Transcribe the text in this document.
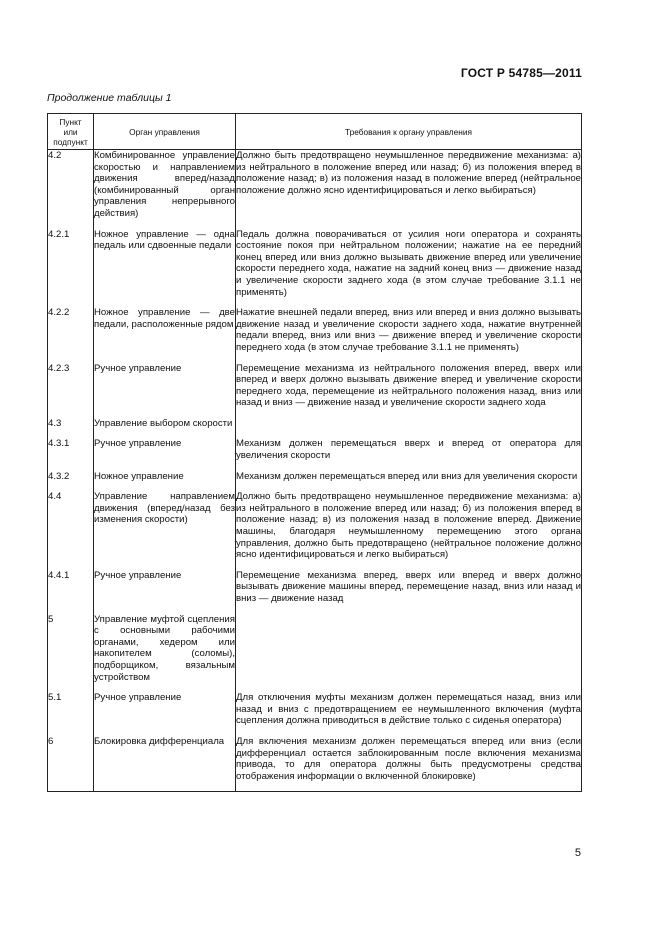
ГОСТ Р 54785—2011
Продолжение таблицы 1
Пункт или подпункт	Орган управления	Требования к органу управления
4.2	Комбинированное управление скоростью и направлением движения вперед/назад (комбинированный орган управления непрерывного действия)	Должно быть предотвращено неумышленное передвижение механизма: а) из нейтрального в положение вперед или назад; б) из положения вперед в положение назад; в) из положения назад в положение вперед (нейтральное положение должно ясно идентифицироваться и легко выбираться)
4.2.1	Ножное управление — одна педаль или сдвоенные педали	Педаль должна поворачиваться от усилия ноги оператора и сохранять состояние покоя при нейтральном положении; нажатие на ее передний конец вперед или вниз должно вызывать движение вперед или увеличение скорости переднего хода, нажатие на задний конец вниз — движение назад и увеличение скорости заднего хода (в этом случае требование 3.1.1 не применять)
4.2.2	Ножное управление — две педали, расположенные рядом	Нажатие внешней педали вперед, вниз или вперед и вниз должно вызывать движение назад и увеличение скорости заднего хода, нажатие внутренней педали вперед, вниз или вниз — движение вперед и увеличение скорости переднего хода (в этом случае требование 3.1.1 не применять)
4.2.3	Ручное управление	Перемещение механизма из нейтрального положения вперед, вверх или вперед и вверх должно вызывать движение вперед и увеличение скорости переднего хода, перемещение из нейтрального положения назад, вниз или назад и вниз — движение назад и увеличение скорости заднего хода
4.3	Управление выбором скорости	
4.3.1	Ручное управление	Механизм должен перемещаться вверх и вперед от оператора для увеличения скорости
4.3.2	Ножное управление	Механизм должен перемещаться вперед или вниз для увеличения скорости
4.4	Управление направлением движения (вперед/назад без изменения скорости)	Должно быть предотвращено неумышленное передвижение механизма: а) из нейтрального в положение вперед или назад; б) из положения вперед в положение назад; в) из положения назад в положение вперед. Движение машины, благодаря неумышленному перемещению этого органа управления, должно быть предотвращено (нейтральное положение должно ясно идентифицироваться и легко выбираться)
4.4.1	Ручное управление	Перемещение механизма вперед, вверх или вперед и вверх должно вызывать движение машины вперед, перемещение назад, вниз или назад и вниз — движение назад
5	Управление муфтой сцепления с основными рабочими органами, хедером или накопителем (соломы), подборщиком, вязальным устройством	
5.1	Ручное управление	Для отключения муфты механизм должен перемещаться назад, вниз или назад и вниз с предотвращением ее неумышленного включения (муфта сцепления должна приводиться в действие только с сиденья оператора)
6	Блокировка дифференциала	Для включения механизм должен перемещаться вперед или вниз (если дифференциал остается заблокированным после включения механизма привода, то для оператора должны быть предусмотрены средства отображения информации о включенной блокировке)
5
